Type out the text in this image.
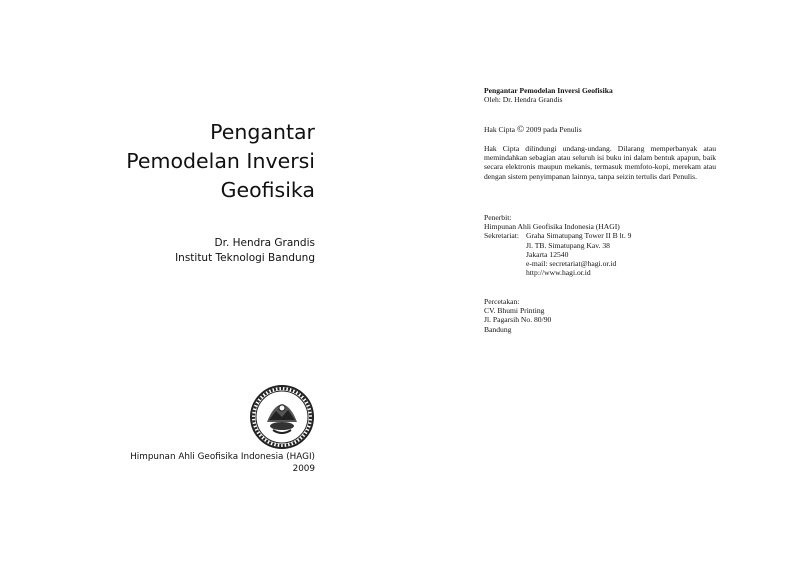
Pengantar
Pemodelan Inversi
Geofisika
Dr. Hendra Grandis
Institut Teknologi Bandung
Himpunan Ahli Geofisika Indonesia (HAGI)
2009
Pengantar Pemodelan Inversi Geofisika
Oleh: Dr. Hendra Grandis
Hak Cipta © 2009 pada Penulis
Hak Cipta dilindungi undang-undang. Dilarang memperbanyak atau memindahkan sebagian atau seluruh isi buku ini dalam bentuk apapun, baik secara elektronis maupun mekanis, termasuk memfoto-kopi, merekam atau dengan sistem penyimpanan lainnya, tanpa seizin tertulis dari Penulis.
Penerbit:
Himpunan Ahli Geofisika Indonesia (HAGI)
Sekretariat: Graha Simatupang Tower II B lt. 9
Jl. TB. Simatupang Kav. 38
Jakarta 12540
e-mail: secretariat@hagi.or.id
http://www.hagi.or.id
Percetakan:
CV. Bhumi Printing
Jl. Pagarsih No. 80/90
Bandung
